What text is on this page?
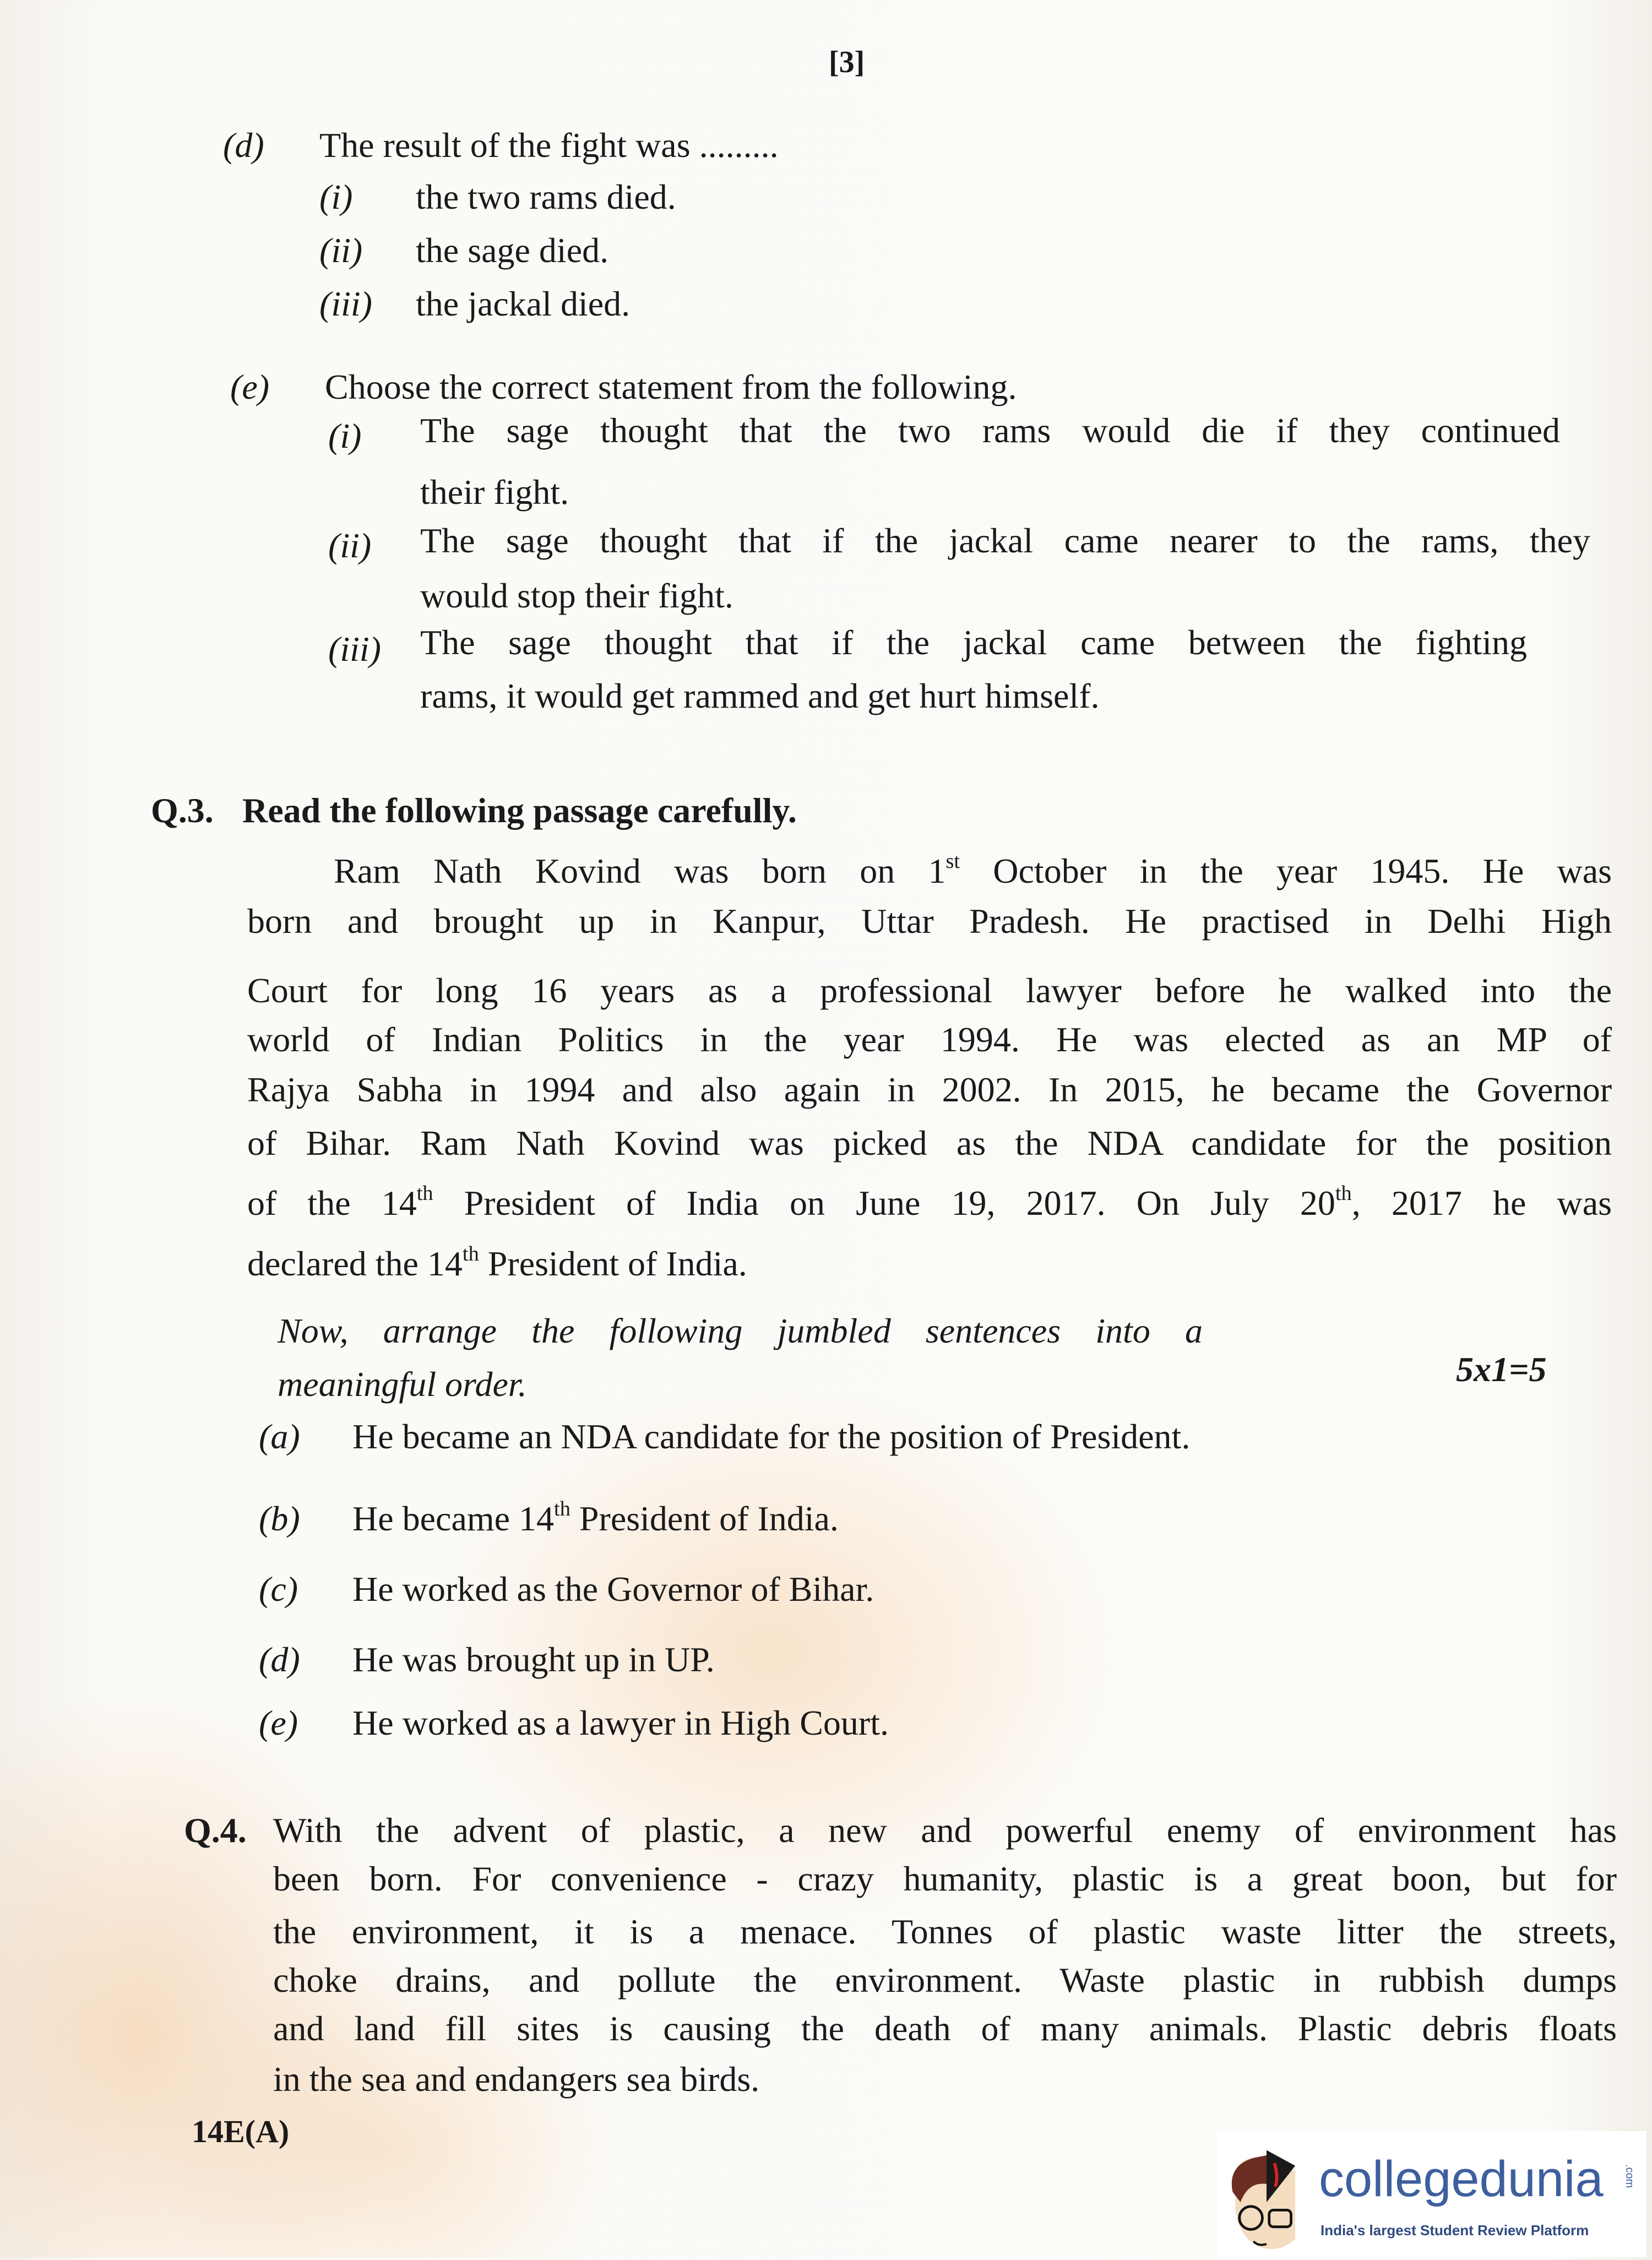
[3]
(d) The result of the fight was .........
(i) the two rams died.
(ii) the sage died.
(iii) the jackal died.
(e) Choose the correct statement from the following.
(i) The sage thought that the two rams would die if they continued
their fight.
(ii) The sage thought that if the jackal came nearer to the rams, they
would stop their fight.
(iii) The sage thought that if the jackal came between the fighting
rams, it would get rammed and get hurt himself.
Q.3. Read the following passage carefully.
Ram Nath Kovind was born on 1st October in the year 1945. He was
born and brought up in Kanpur, Uttar Pradesh. He practised in Delhi High
Court for long 16 years as a professional lawyer before he walked into the
world of Indian Politics in the year 1994. He was elected as an MP of
Rajya Sabha in 1994 and also again in 2002. In 2015, he became the Governor
of Bihar. Ram Nath Kovind was picked as the NDA candidate for the position
of the 14th President of India on June 19, 2017. On July 20th, 2017 he was
declared the 14th President of India.
Now, arrange the following jumbled sentences into a
meaningful order.	5x1=5
(a) He became an NDA candidate for the position of President.
(b) He became 14th President of India.
(c) He worked as the Governor of Bihar.
(d) He was brought up in UP.
(e) He worked as a lawyer in High Court.
Q.4. With the advent of plastic, a new and powerful enemy of environment has
been born. For convenience - crazy humanity, plastic is a great boon, but for
the environment, it is a menace. Tonnes of plastic waste litter the streets,
choke drains, and pollute the environment. Waste plastic in rubbish dumps
and land fill sites is causing the death of many animals. Plastic debris floats
in the sea and endangers sea birds.
14E(A)
collegedunia .com
India's largest Student Review Platform
